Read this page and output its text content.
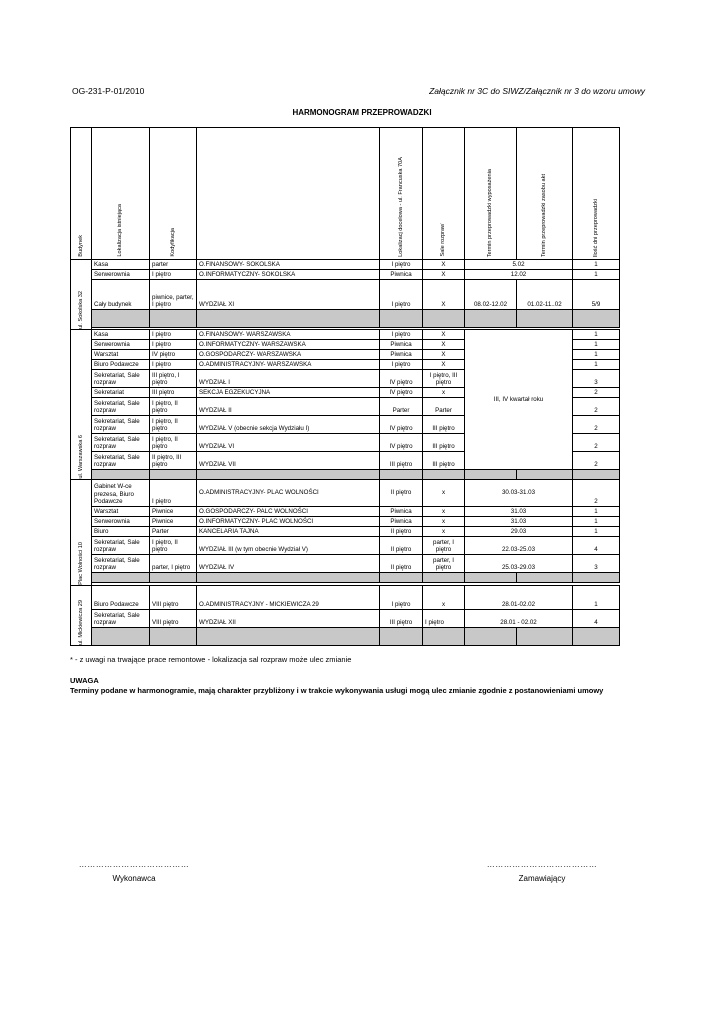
OG-231-P-01/2010	Załącznik nr 3C do SIWZ/Załącznik nr 3 do wzoru umowy
HARMONOGRAM PRZEPROWADZKI
Budynek	Lokalizacja istniejąca	Kodyfikacja		Lokalizacj docelowa - ul. Francuska 70A	Sale rozpraw˙	Termin przeprowadzki wyposażenia	Termin przeprowadzki zasobu akt	Ilość dni przeprowadzki

ul. Sokolska 32	Kasa	parter	O.FINANSOWY- SOKOLSKA	I piętro	X	5.02		1
	Serwerownia	I piętro	O.INFORMATYCZNY- SOKOLSKA	Piwnica	X	12.02		1
	Cały budynek	piwnice, parter, I piętro	WYDZIAŁ XI	I piętro	X	08.02-12.02	01.02-11..02	5/9

ul. Warszawska 6	Kasa	I piętro	O.FINANSOWY- WARSZAWSKA	I piętro	X	III, IV kwartał roku		1
	Serwerownia	I piętro	O.INFORMATYCZNY- WARSZAWSKA	Piwnica	X			1
	Warsztat	IV piętro	O.GOSPODARCZY- WARSZAWSKA	Piwnica	X			1
	Biuro Podawcze	I piętro	O.ADMINISTRACYJNY- WARSZAWSKA	I piętro	X			1
	Sekretariat, Sale rozpraw	III piętro, I piętro	WYDZIAŁ I	IV piętro	I piętro, III piętro			3
	Sekretariat	III piętro	SEKCJA EGZEKUCYJNA	IV piętro	x			2
	Sekretariat, Sale rozpraw	I piętro, II piętro	WYDZIAŁ II	Parter	Parter			2
	Sekretariat, Sale rozpraw	I piętro, II piętro	WYDZIAŁ V (obecnie sekcja Wydziału I)	IV piętro	III piętro			2
	Sekretariat, Sale rozpraw	I piętro, II piętro	WYDZIAŁ VI	IV piętro	III piętro			2
	Sekretariat, Sale rozpraw	II piętro, III piętro	WYDZIAŁ VII	III piętro	III piętro			2

Plac Wolności 10	Gabinet W-ce prezesa, Biuro Podawcze	I piętro	O.ADMINISTRACYJNY- PLAC WOLNOŚCI	II piętro	x	30.03-31.03		2
	Warsztat	Piwnice	O.GOSPODARCZY- PALC WOLNOŚCI	Piwnica	x	31.03		1
	Serwerownia	Piwnice	O.INFORMATYCZNY- PLAC WOLNOŚCI	Piwnica	x	31.03		1
	Biuro	Parter	KANCELARIA TAJNA	II piętro	x	29.03		1
	Sekretariat, Sale rozpraw	I piętro, II piętro	WYDZIAŁ III (w tym obecnie Wydział V)	II piętro	parter, I piętro	22.03-25.03		4
	Sekretariat, Sale rozpraw	parter, I piętro	WYDZIAŁ IV	II piętro	parter, I piętro	25.03-29.03		3

ul. Mickiewicza 29	Biuro Podawcze	VIII piętro	O.ADMINISTRACYJNY - MICKIEWICZA 29	I piętro	x	28.01-02.02		1
	Sekretariat, Sale rozpraw	VIII piętro	WYDZIAŁ XII	III piętro	I piętro	28.01 - 02.02		4

* - z uwagi na trwające prace remontowe - lokalizacja sal rozpraw może ulec zmianie
UWAGA
Terminy podane w harmonogramie, mają charakter przybliżony i w trakcie wykonywania usługi mogą ulec zmianie zgodnie z postanowieniami umowy
…………………………………
Wykonawca
…………………………………
Zamawiający
